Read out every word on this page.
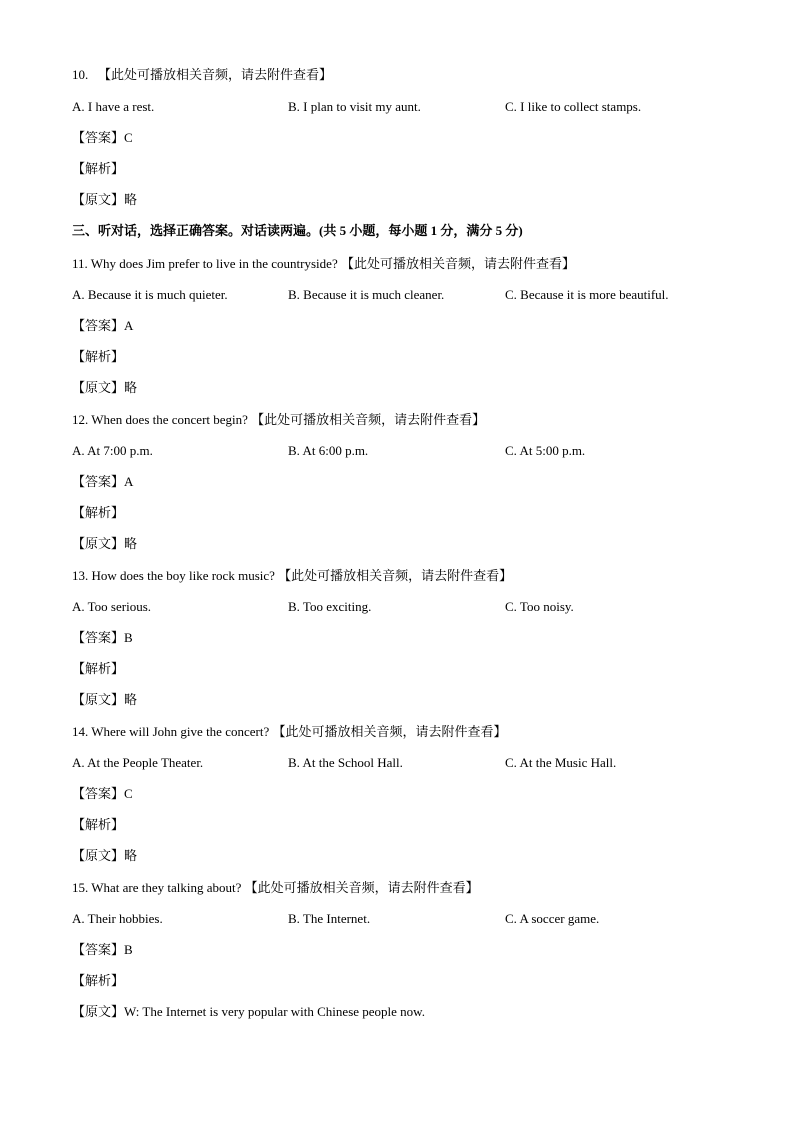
10. 【此处可播放相关音频，请去附件查看】
A. I have a rest.	B. I plan to visit my aunt.	C. I like to collect stamps.
【答案】C
【解析】
【原文】略
三、听对话，选择正确答案。对话读两遍。(共 5 小题，每小题 1 分，满分 5 分)
11. Why does Jim prefer to live in the countryside? 【此处可播放相关音频，请去附件查看】
A. Because it is much quieter.	B. Because it is much cleaner.	C. Because it is more beautiful.
【答案】A
【解析】
【原文】略
12. When does the concert begin? 【此处可播放相关音频，请去附件查看】
A. At 7:00 p.m.	B. At 6:00 p.m.	C. At 5:00 p.m.
【答案】A
【解析】
【原文】略
13. How does the boy like rock music? 【此处可播放相关音频，请去附件查看】
A. Too serious.	B. Too exciting.	C. Too noisy.
【答案】B
【解析】
【原文】略
14. Where will John give the concert? 【此处可播放相关音频，请去附件查看】
A. At the People Theater.	B. At the School Hall.	C. At the Music Hall.
【答案】C
【解析】
【原文】略
15. What are they talking about? 【此处可播放相关音频，请去附件查看】
A. Their hobbies.	B. The Internet.	C. A soccer game.
【答案】B
【解析】
【原文】W: The Internet is very popular with Chinese people now.
